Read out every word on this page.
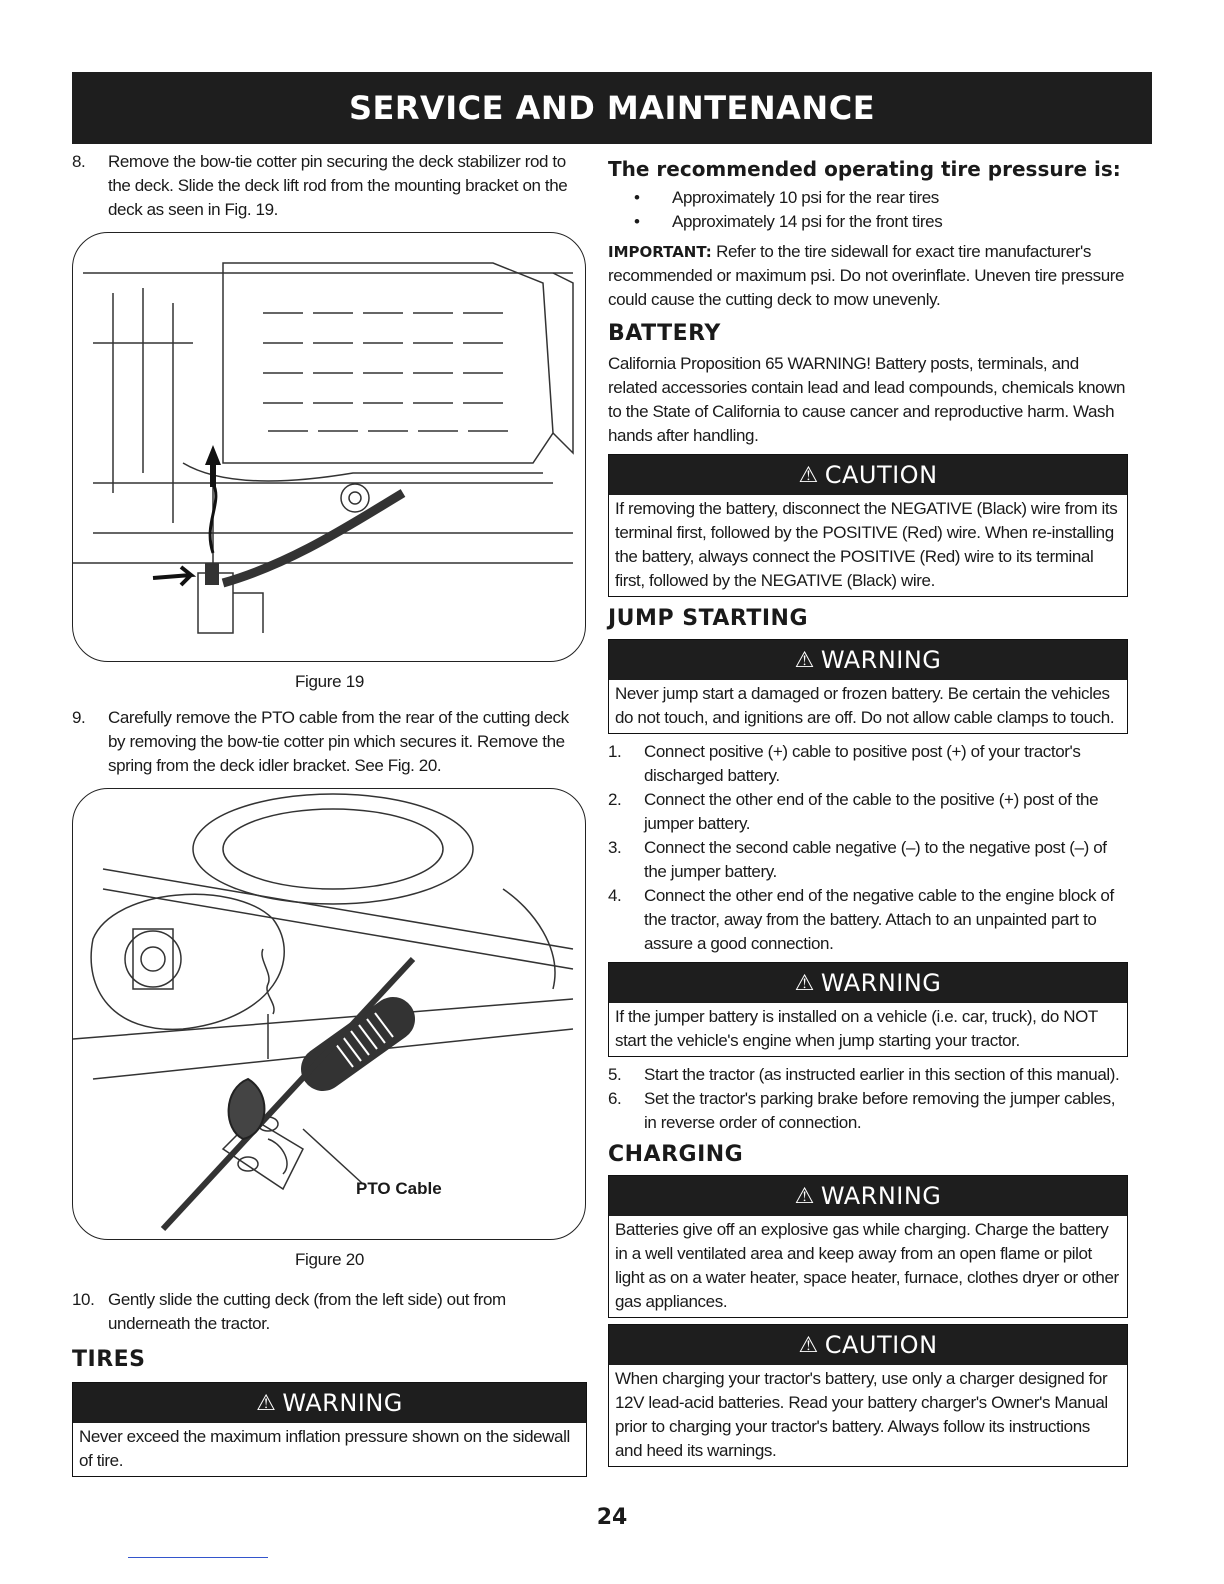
SERVICE AND MAINTENANCE
8.	Remove the bow-tie cotter pin securing the deck stabilizer rod to the deck. Slide the deck lift rod from the mounting bracket on the deck as seen in Fig. 19.
Figure 19
9.	Carefully remove the PTO cable from the rear of the cutting deck by removing the bow-tie cotter pin which secures it. Remove the spring from the deck idler bracket. See Fig. 20.
PTO Cable
Figure 20
10. Gently slide the cutting deck (from the left side) out from underneath the tractor.
TIRES
⚠ WARNING
Never exceed the maximum inflation pressure shown on the sidewall of tire.
The recommended operating tire pressure is:
• Approximately 10 psi for the rear tires
• Approximately 14 psi for the front tires
IMPORTANT: Refer to the tire sidewall for exact tire manufacturer's recommended or maximum psi. Do not overinflate. Uneven tire pressure could cause the cutting deck to mow unevenly.
BATTERY
California Proposition 65 WARNING! Battery posts, terminals, and related accessories contain lead and lead compounds, chemicals known to the State of California to cause cancer and reproductive harm. Wash hands after handling.
⚠ CAUTION
If removing the battery, disconnect the NEGATIVE (Black) wire from its terminal first, followed by the POSITIVE (Red) wire. When re-installing the battery, always connect the POSITIVE (Red) wire to its terminal first, followed by the NEGATIVE (Black) wire.
JUMP STARTING
⚠ WARNING
Never jump start a damaged or frozen battery. Be certain the vehicles do not touch, and ignitions are off. Do not allow cable clamps to touch.
1.	Connect positive (+) cable to positive post (+) of your tractor's discharged battery.
2.	Connect the other end of the cable to the positive (+) post of the jumper battery.
3.	Connect the second cable negative (–) to the negative post (–) of the jumper battery.
4.	Connect the other end of the negative cable to the engine block of the tractor, away from the battery. Attach to an unpainted part to assure a good connection.
⚠ WARNING
If the jumper battery is installed on a vehicle (i.e. car, truck), do NOT start the vehicle's engine when jump starting your tractor.
5.	Start the tractor (as instructed earlier in this section of this manual).
6.	Set the tractor's parking brake before removing the jumper cables, in reverse order of connection.
CHARGING
⚠ WARNING
Batteries give off an explosive gas while charging. Charge the battery in a well ventilated area and keep away from an open flame or pilot light as on a water heater, space heater, furnace, clothes dryer or other gas appliances.
⚠ CAUTION
When charging your tractor's battery, use only a charger designed for 12V lead-acid batteries. Read your battery charger's Owner's Manual prior to charging your tractor's battery. Always follow its instructions and heed its warnings.
24
